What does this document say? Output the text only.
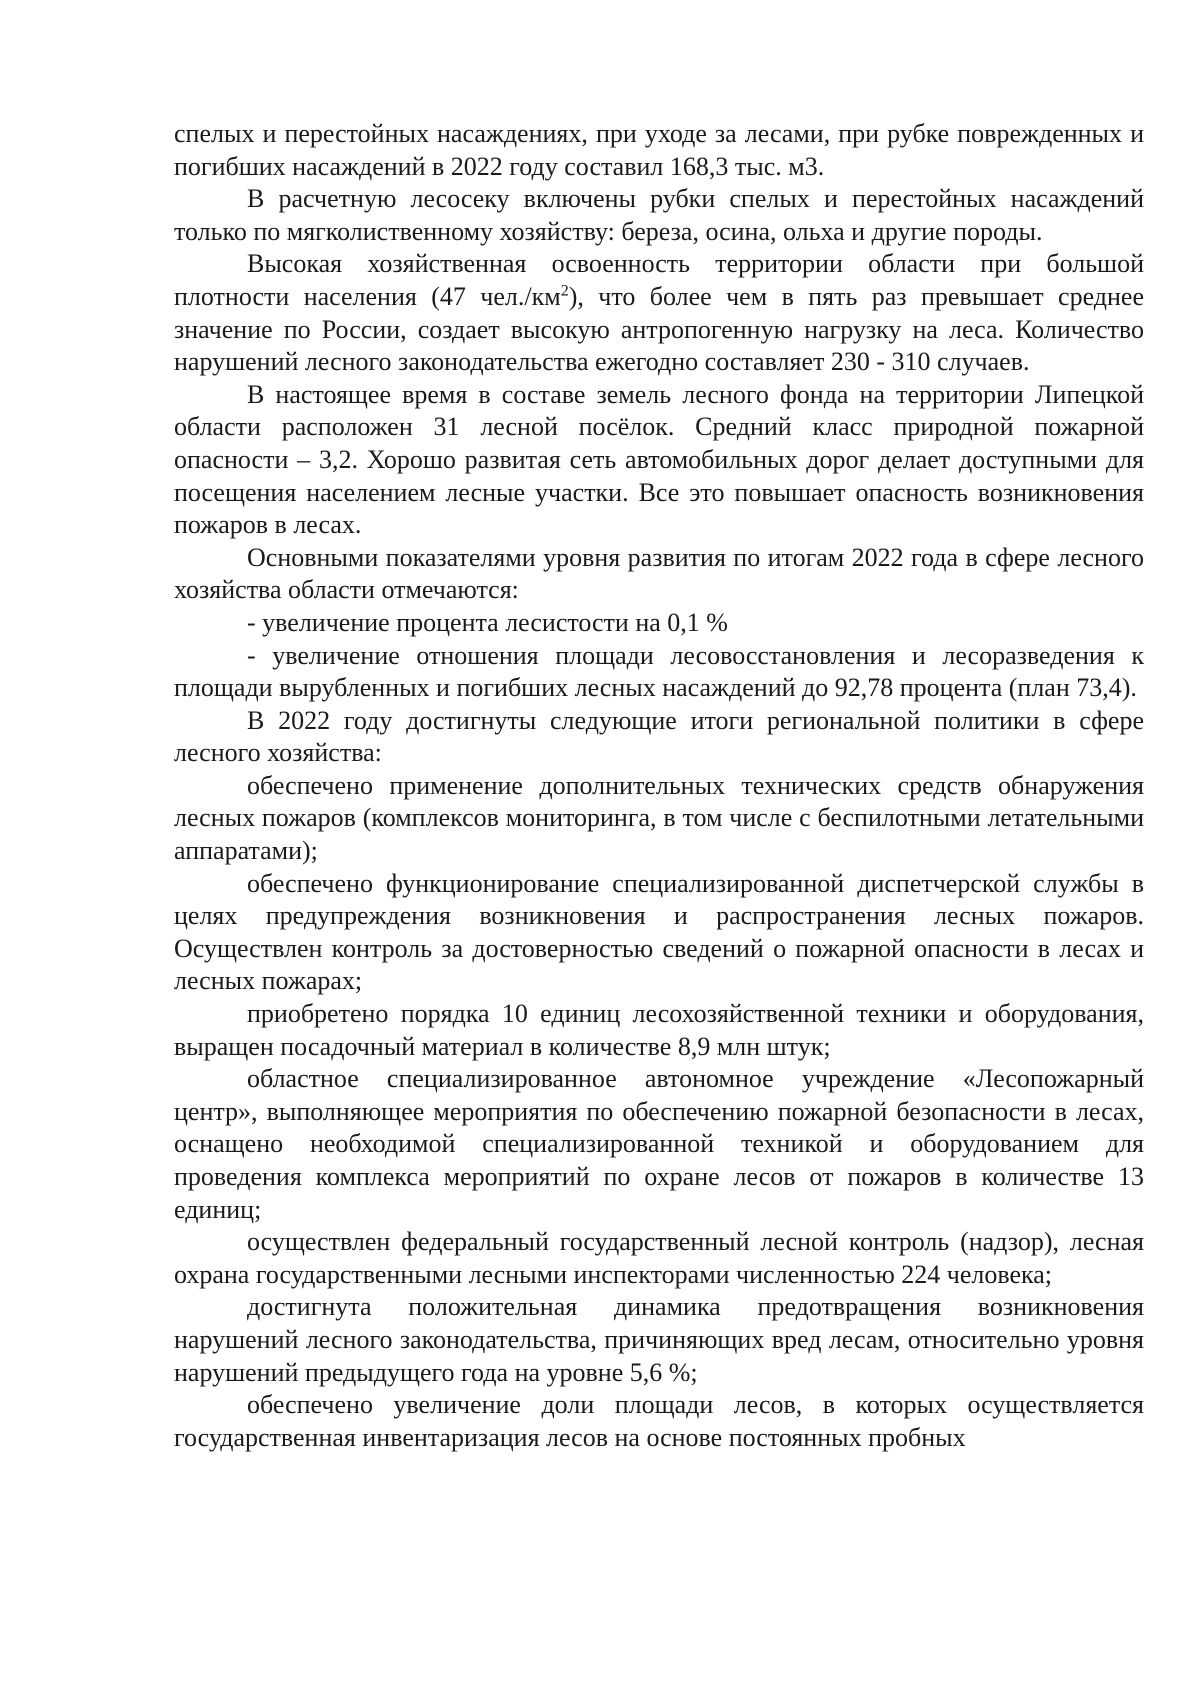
спелых и перестойных насаждениях, при уходе за лесами, при рубке поврежденных и погибших насаждений в 2022 году составил 168,3 тыс. м3.

В расчетную лесосеку включены рубки спелых и перестойных насаждений только по мягколиственному хозяйству: береза, осина, ольха и другие породы.

Высокая хозяйственная освоенность территории области при большой плотности населения (47 $чел./км^2$), что более чем в пять раз превышает среднее значение по России, создает высокую антропогенную нагрузку на леса. Количество нарушений лесного законодательства ежегодно составляет 230 - 310 случаев.

В настоящее время в составе земель лесного фонда на территории Липецкой области расположен 31 лесной посёлок. Средний класс природной пожарной опасности – 3,2. Хорошо развитая сеть автомобильных дорог делает доступными для посещения населением лесные участки. Все это повышает опасность возникновения пожаров в лесах.

Основными показателями уровня развития по итогам 2022 года в сфере лесного хозяйства области отмечаются:

- увеличение процента лесистости на 0,1 %

- увеличение отношения площади лесовосстановления и лесоразведения к площади вырубленных и погибших лесных насаждений до 92,78 процента (план 73,4).

В 2022 году достигнуты следующие итоги региональной политики в сфере лесного хозяйства:

обеспечено применение дополнительных технических средств обнаружения лесных пожаров (комплексов мониторинга, в том числе с беспилотными летательными аппаратами);

обеспечено функционирование специализированной диспетчерской службы в целях предупреждения возникновения и распространения лесных пожаров. Осуществлен контроль за достоверностью сведений о пожарной опасности в лесах и лесных пожарах;

приобретено порядка 10 единиц лесохозяйственной техники и оборудования, выращен посадочный материал в количестве 8,9 млн штук;

областное специализированное автономное учреждение «Лесопожарный центр», выполняющее мероприятия по обеспечению пожарной безопасности в лесах, оснащено необходимой специализированной техникой и оборудованием для проведения комплекса мероприятий по охране лесов от пожаров в количестве 13 единиц;

осуществлен федеральный государственный лесной контроль (надзор), лесная охрана государственными лесными инспекторами численностью 224 человека;

достигнута положительная динамика предотвращения возникновения нарушений лесного законодательства, причиняющих вред лесам, относительно уровня нарушений предыдущего года на уровне 5,6 %;

обеспечено увеличение доли площади лесов, в которых осуществляется государственная инвентаризация лесов на основе постоянных пробных
